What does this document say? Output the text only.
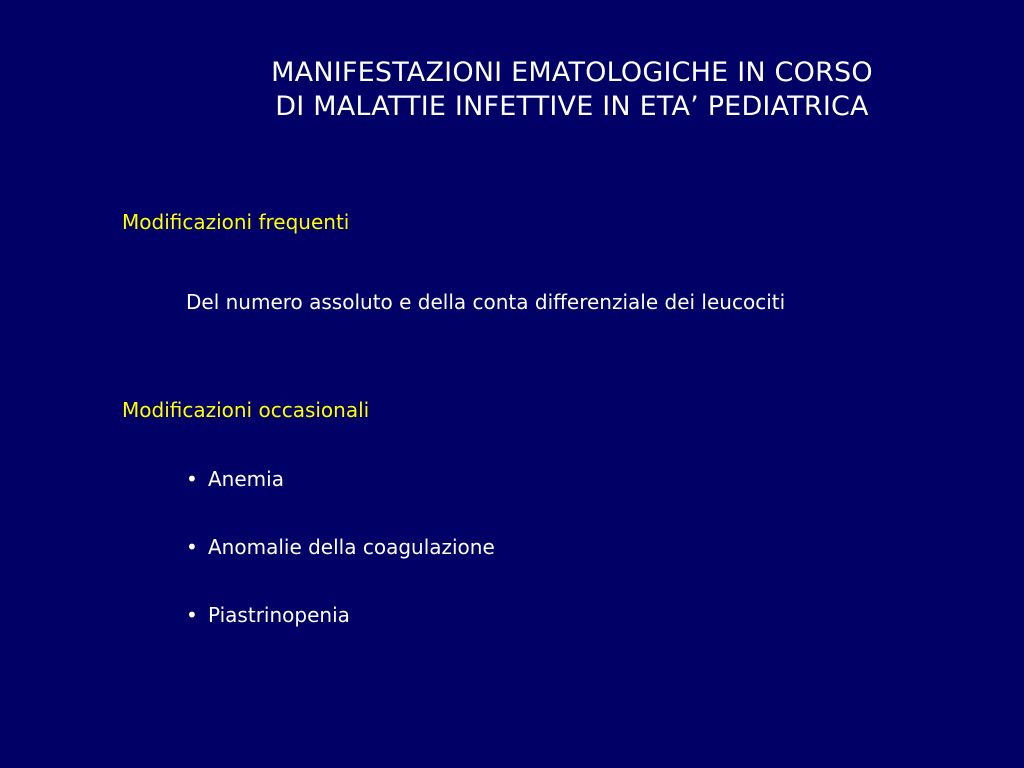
MANIFESTAZIONI EMATOLOGICHE IN CORSO
DI MALATTIE INFETTIVE IN ETA’ PEDIATRICA
Modificazioni frequenti
Del numero assoluto e della conta differenziale dei leucociti
Modificazioni occasionali
• Anemia
• Anomalie della coagulazione
• Piastrinopenia
